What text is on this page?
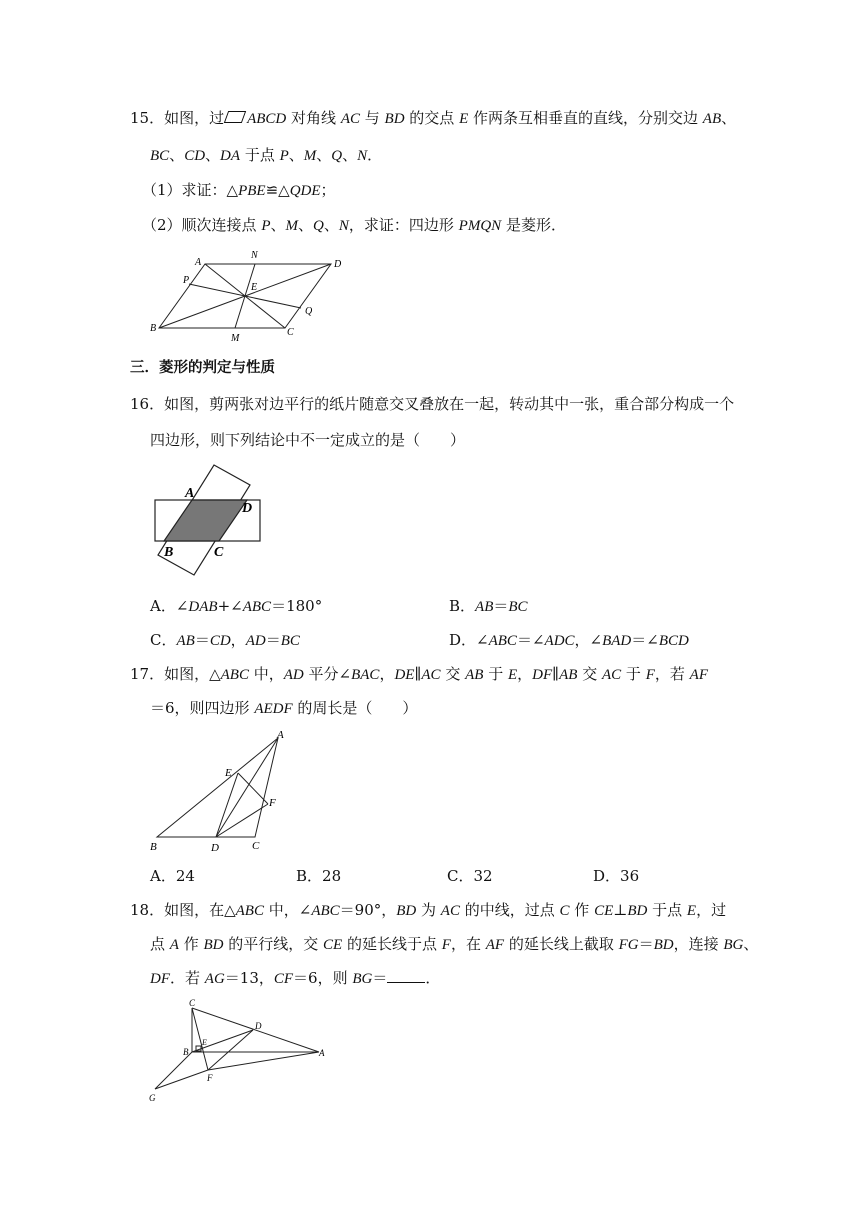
15．如图，过 ABCD 对角线 AC 与 BD 的交点 E 作两条互相垂直的直线，分别交边 AB、
BC、CD、DA 于点 P、M、Q、N．
（1）求证：△PBE≌△QDE；
（2）顺次连接点 P、M、Q、N，求证：四边形 PMQN 是菱形．
A
N
D
P
E
Q
B
M
C
三．菱形的判定与性质
16．如图，剪两张对边平行的纸片随意交叉叠放在一起，转动其中一张，重合部分构成一个
四边形，则下列结论中不一定成立的是（　　）
A
D
B	C
A．∠DAB+∠ABC＝180°	B．AB＝BC
C．AB＝CD，AD＝BC	D．∠ABC＝∠ADC，∠BAD＝∠BCD
17．如图，△ABC 中，AD 平分∠BAC，DE∥AC 交 AB 于 E，DF∥AB 交 AC 于 F，若 AF
＝6，则四边形 AEDF 的周长是（　　）
A
E
F
B	D	C
A．24	B．28	C．32	D．36
18．如图，在△ABC 中，∠ABC＝90°，BD 为 AC 的中线，过点 C 作 CE⊥BD 于点 E，过
点 A 作 BD 的平行线，交 CE 的延长线于点 F，在 AF 的延长线上截取 FG＝BD，连接 BG、
DF．若 AG＝13，CF＝6，则 BG＝	．
C
D
B
E
A
F
G
